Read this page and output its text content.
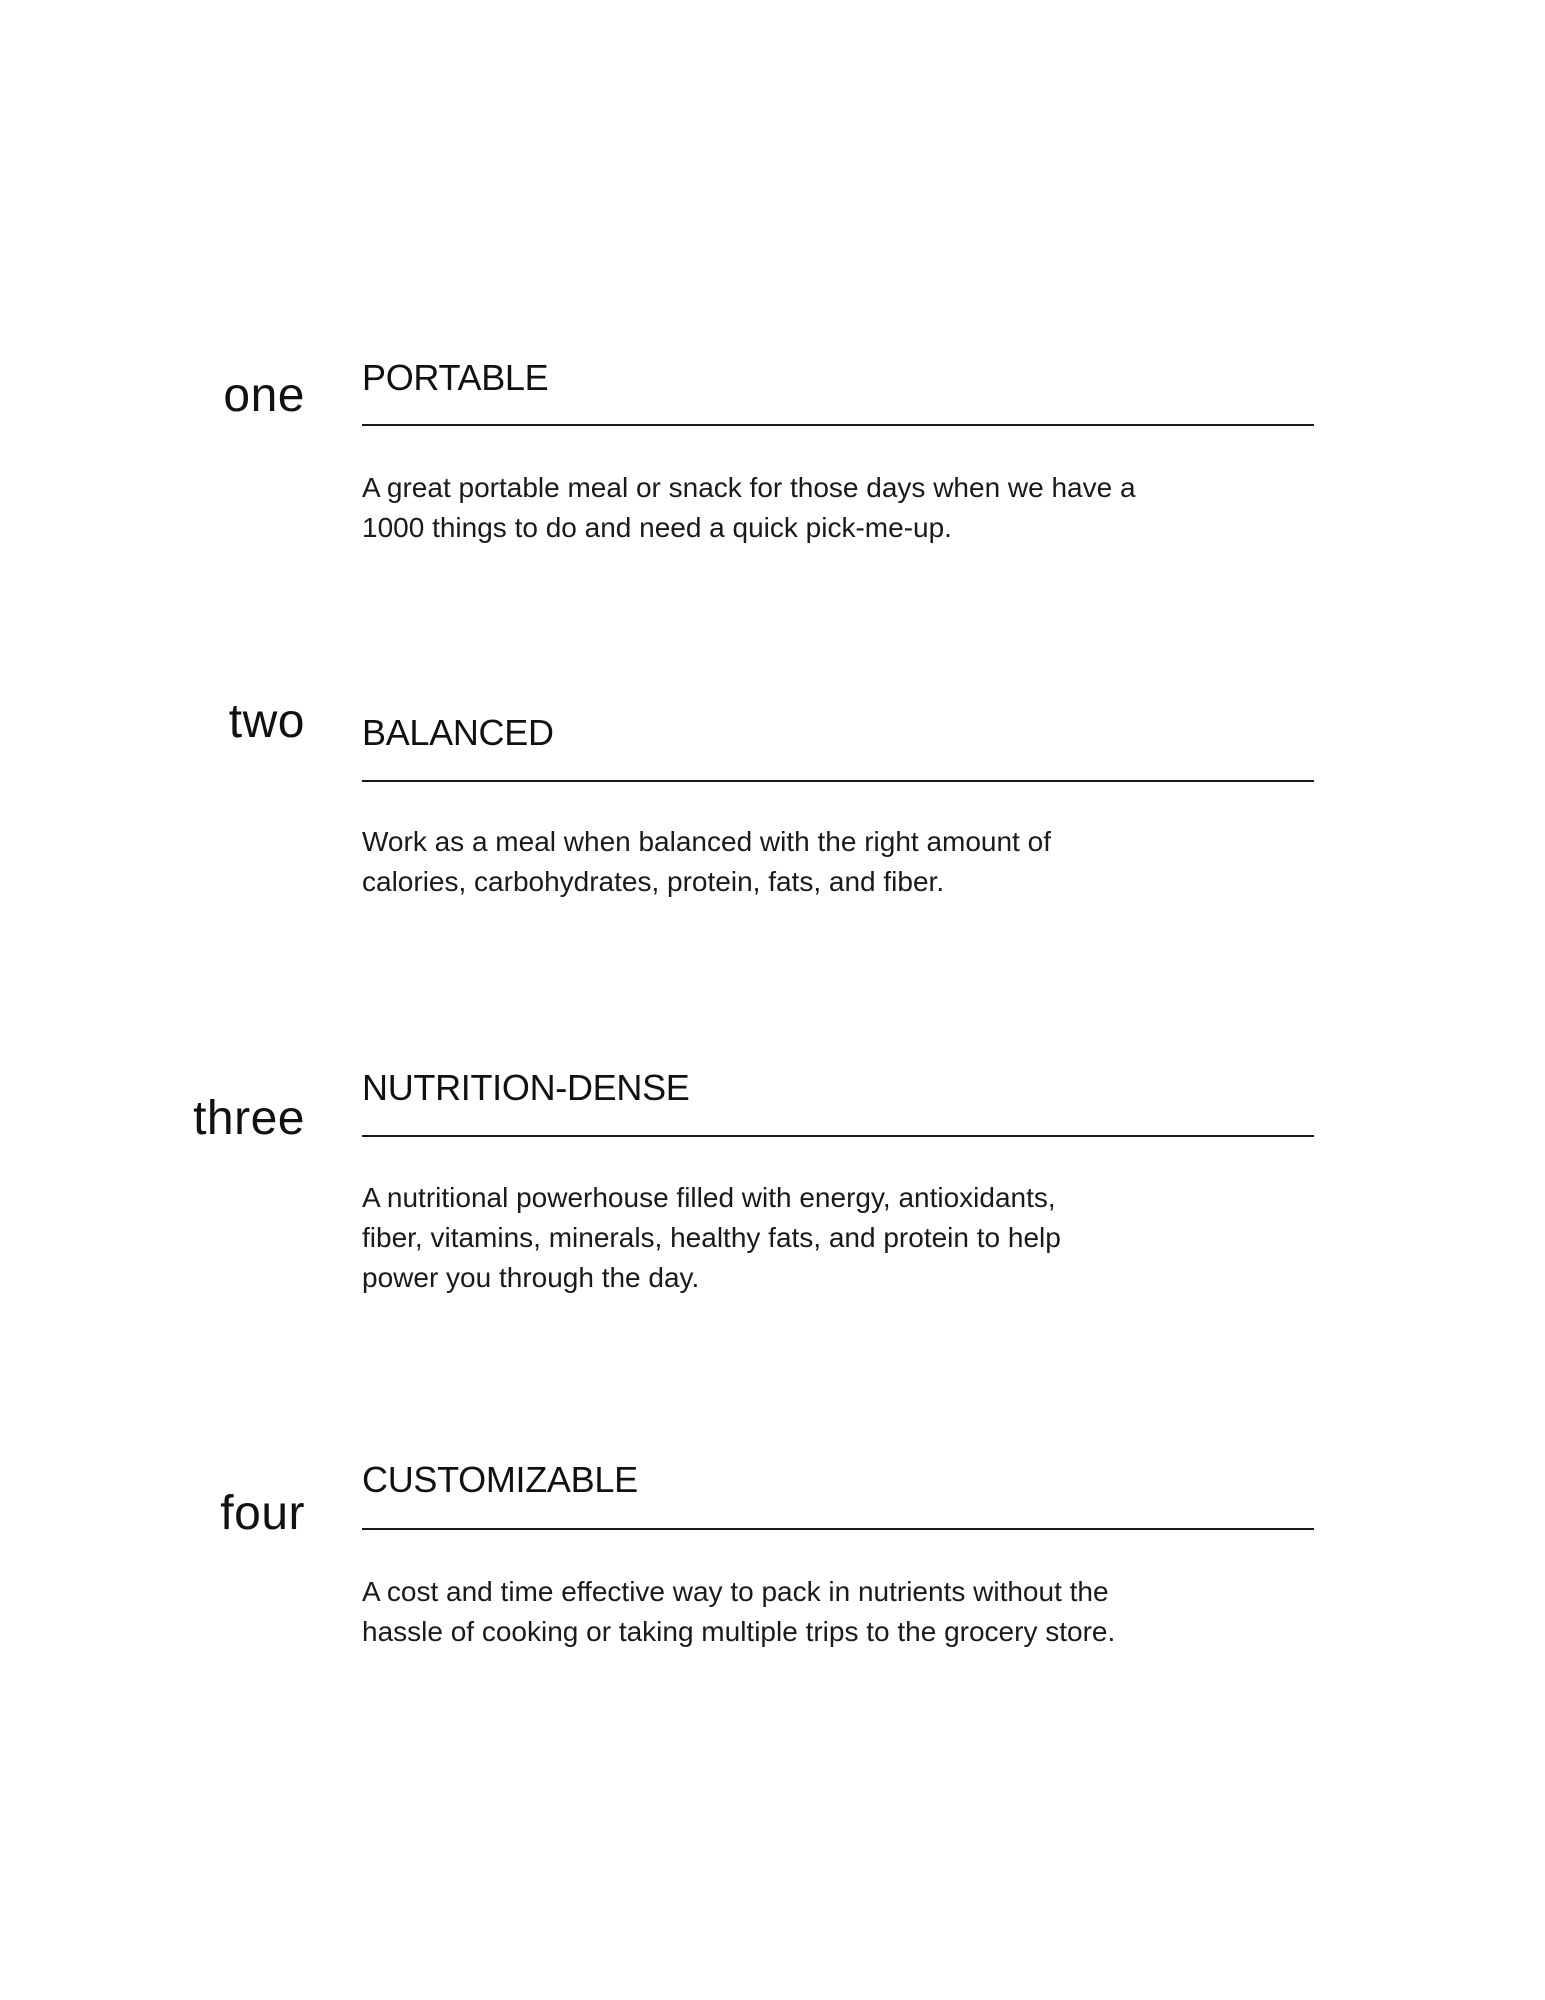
one PORTABLE
A great portable meal or snack for those days when we have a
1000 things to do and need a quick pick-me-up.
two BALANCED
Work as a meal when balanced with the right amount of
calories, carbohydrates, protein, fats, and fiber.
three
NUTRITION-DENSE
A nutritional powerhouse filled with energy, antioxidants,
fiber, vitamins, minerals, healthy fats, and protein to help
power you through the day.
four
CUSTOMIZABLE
A cost and time effective way to pack in nutrients without the
hassle of cooking or taking multiple trips to the grocery store.
